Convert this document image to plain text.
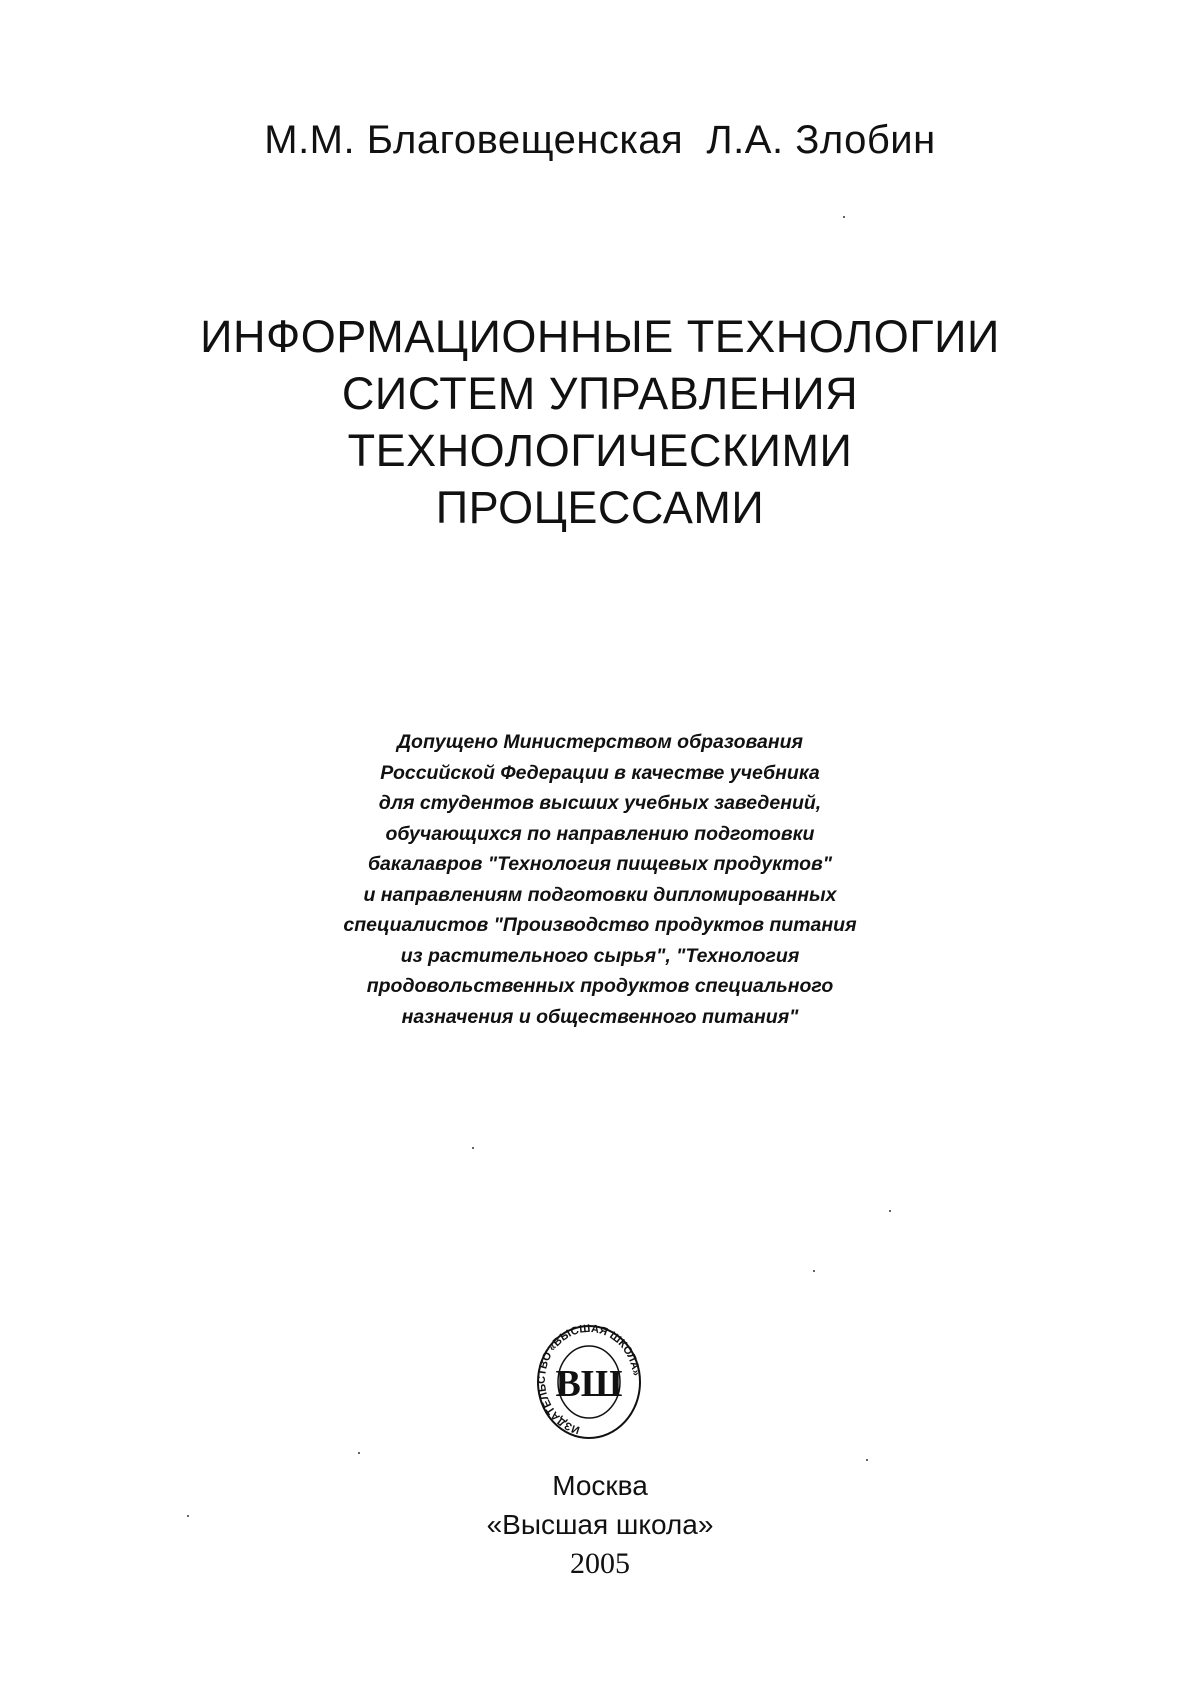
М.М. Благовещенская  Л.А. Злобин
ИНФОРМАЦИОННЫЕ ТЕХНОЛОГИИ
СИСТЕМ УПРАВЛЕНИЯ
ТЕХНОЛОГИЧЕСКИМИ
ПРОЦЕССАМИ
Допущено Министерством образования
Российской Федерации в качестве учебника
для студентов высших учебных заведений,
обучающихся по направлению подготовки
бакалавров "Технология пищевых продуктов"
и направлениям подготовки дипломированных
специалистов "Производство продуктов питания
из растительного сырья", "Технология
продовольственных продуктов специального
назначения и общественного питания"
ИЗДАТЕЛЬСТВО «ВЫСШАЯ ШКОЛА»
ВШ
Москва
«Высшая школа»
2005
